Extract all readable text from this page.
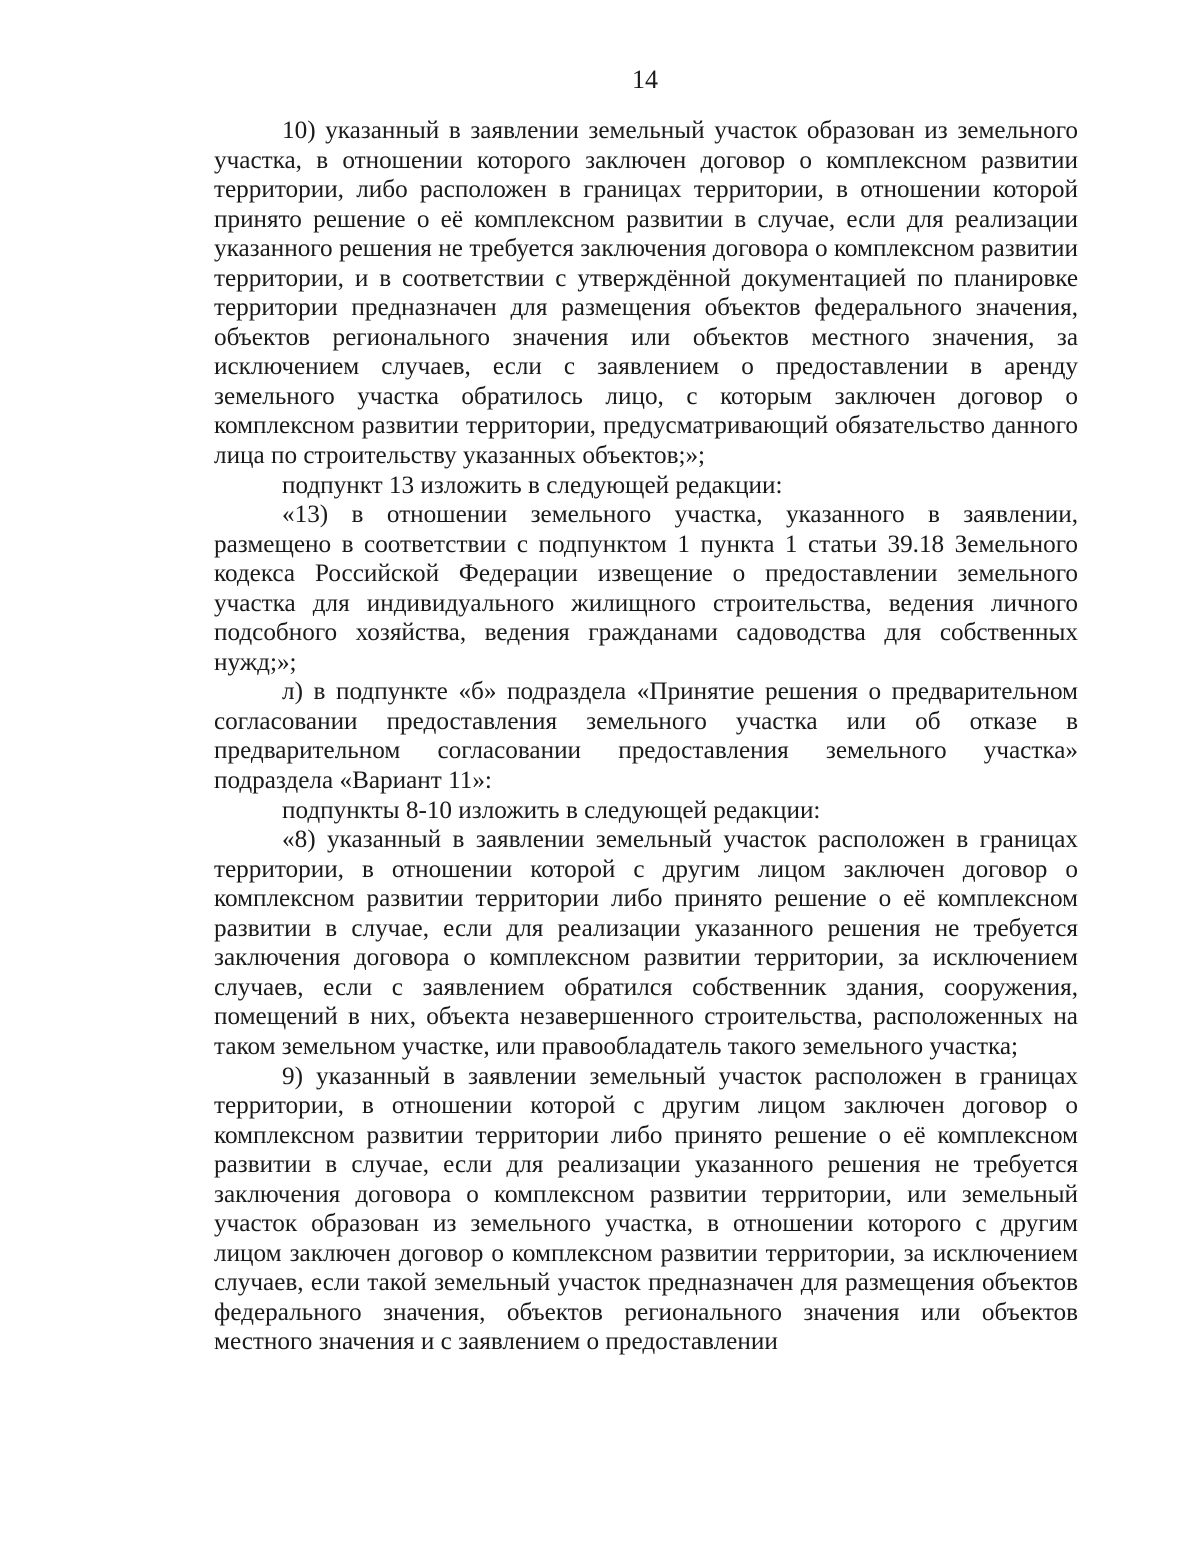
14

10) указанный в заявлении земельный участок образован из земельного участка, в отношении которого заключен договор о комплексном развитии территории, либо расположен в границах территории, в отношении которой принято решение о её комплексном развитии в случае, если для реализации указанного решения не требуется заключения договора о комплексном развитии территории, и в соответствии с утверждённой документацией по планировке территории предназначен для размещения объектов федерального значения, объектов регионального значения или объектов местного значения, за исключением случаев, если с заявлением о предоставлении в аренду земельного участка обратилось лицо, с которым заключен договор о комплексном развитии территории, предусматривающий обязательство данного лица по строительству указанных объектов;»;

подпункт 13 изложить в следующей редакции:

«13) в отношении земельного участка, указанного в заявлении, размещено в соответствии с подпунктом 1 пункта 1 статьи 39.18 Земельного кодекса Российской Федерации извещение о предоставлении земельного участка для индивидуального жилищного строительства, ведения личного подсобного хозяйства, ведения гражданами садоводства для собственных нужд;»;

л) в подпункте «б» подраздела «Принятие решения о предварительном согласовании предоставления земельного участка или об отказе в предварительном согласовании предоставления земельного участка» подраздела «Вариант 11»:

подпункты 8-10 изложить в следующей редакции:

«8) указанный в заявлении земельный участок расположен в границах территории, в отношении которой с другим лицом заключен договор о комплексном развитии территории либо принято решение о её комплексном развитии в случае, если для реализации указанного решения не требуется заключения договора о комплексном развитии территории, за исключением случаев, если с заявлением обратился собственник здания, сооружения, помещений в них, объекта незавершенного строительства, расположенных на таком земельном участке, или правообладатель такого земельного участка;

9) указанный в заявлении земельный участок расположен в границах территории, в отношении которой с другим лицом заключен договор о комплексном развитии территории либо принято решение о её комплексном развитии в случае, если для реализации указанного решения не требуется заключения договора о комплексном развитии территории, или земельный участок образован из земельного участка, в отношении которого с другим лицом заключен договор о комплексном развитии территории, за исключением случаев, если такой земельный участок предназначен для размещения объектов федерального значения, объектов регионального значения или объектов местного значения и с заявлением о предоставлении
